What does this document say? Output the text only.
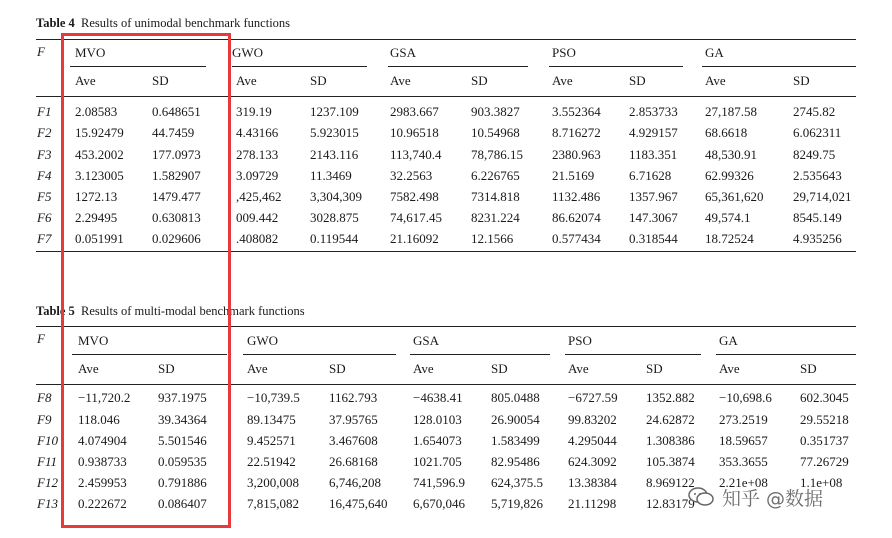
Table 4 Results of unimodal benchmark functions
F MVO	GWO	GSA	PSO	GA
Ave	SD	Ave	SD	Ave	SD	Ave	SD	Ave	SD
F1 2.08583	0.648651	319.19	1237.109 2983.667 903.3827 3.552364 2.853733 27,187.58	2745.82
F2 15.92479 44.7459	4.43166 5.923015 10.96518 10.54968 8.716272 4.929157 68.6618	6.062311
F3 453.2002 177.0973	278.133 2143.116 113,740.4 78,786.15 2380.963 1183.351 48,530.91	8249.75
F4 3.123005 1.582907	3.09729 11.3469	32.2563	6.226765 21.5169	6.71628	62.99326	2.535643
F5 1272.13	1479.477	,425,462 3,304,309 7582.498 7314.818 1132.486 1357.967 65,361,620 29,714,021
F6 2.29495	0.630813	009.442 3028.875 74,617.45 8231.224 86.62074 147.3067 49,574.1	8545.149
F7 0.051991 0.029606	.408082 0.119544 21.16092 12.1566	0.577434 0.318544 18.72524	4.935256
Table 5 Results of multi-modal benchmark functions
F	MVO	GWO	GSA	PSO	GA
Ave	SD	Ave	SD	Ave	SD	Ave	SD	Ave	SD
F8 −11,720.2 937.1975	−10,739.5 1162.793	−4638.41 805.0488 −6727.59 1352.882 −10,698.6 602.3045
F9 118.046	39.34364	89.13475	37.95765	128.0103 26.90054 99.83202 24.62872 273.2519 29.55218
F10 4.074904 5.501546	9.452571	3.467608	1.654073 1.583499 4.295044 1.308386 18.59657 0.351737
F11 0.938733 0.059535	22.51942	26.68168	1021.705 82.95486 624.3092 105.3874 353.3655 77.26729
F12 2.459953 0.791886	3,200,008 6,746,208 741,596.9 624,375.5 13.38384 8.969122 2.21e+08 1.1e+08
F13 0.222672 0.086407	7,815,082 16,475,640 6,670,046 5,719,826 21.11298 12.83179 知乎 @数据
